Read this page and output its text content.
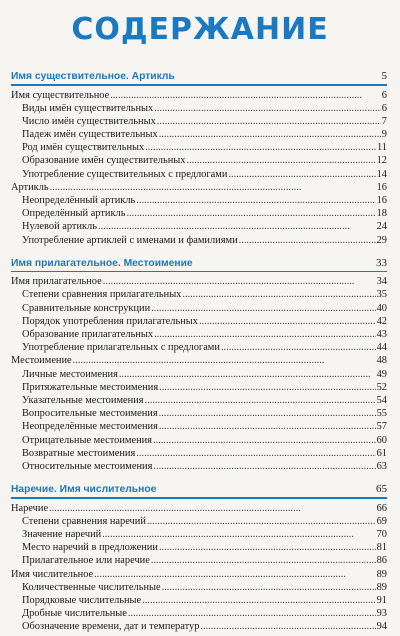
СОДЕРЖАНИЕ
Имя существительное. Артикль	5
Имя существительное . . .	6
Виды имён существительных . . .	6
Число имён существительных . . .	7
Падеж имён существительных . . .	9
Род имён существительных . . .	11
Образование имён существительных . . .	12
Употребление существительных с предлогами . . .	14
Артикль . . .	16
Неопределённый артикль . . .	16
Определённый артикль . . .	18
Нулевой артикль . . .	24
Употребление артиклей с именами и фамилиями . . .	29
Имя прилагательное. Местоимение	33
Имя прилагательное . . .	34
Степени сравнения прилагательных . . .	35
Сравнительные конструкции . . .	40
Порядок употребления прилагательных . . .	42
Образование прилагательных . . .	43
Употребление прилагательных с предлогами . . .	44
Местоимение . . .	48
Личные местоимения . . .	49
Притяжательные местоимения . . .	52
Указательные местоимения . . .	54
Вопросительные местоимения . . .	55
Неопределённые местоимения . . .	57
Отрицательные местоимения . . .	60
Возвратные местоимения . . .	61
Относительные местоимения . . .	63
Наречие. Имя числительное	65
Наречие . . .	66
Степени сравнения наречий . . .	69
Значение наречий . . .	70
Место наречий в предложении . . .	81
Прилагательное или наречие . . .	86
Имя числительное . . .	89
Количественные числительные . . .	89
Порядковые числительные . . .	91
Дробные числительные . . .	93
Обозначение времени, дат и температур . . .	94
